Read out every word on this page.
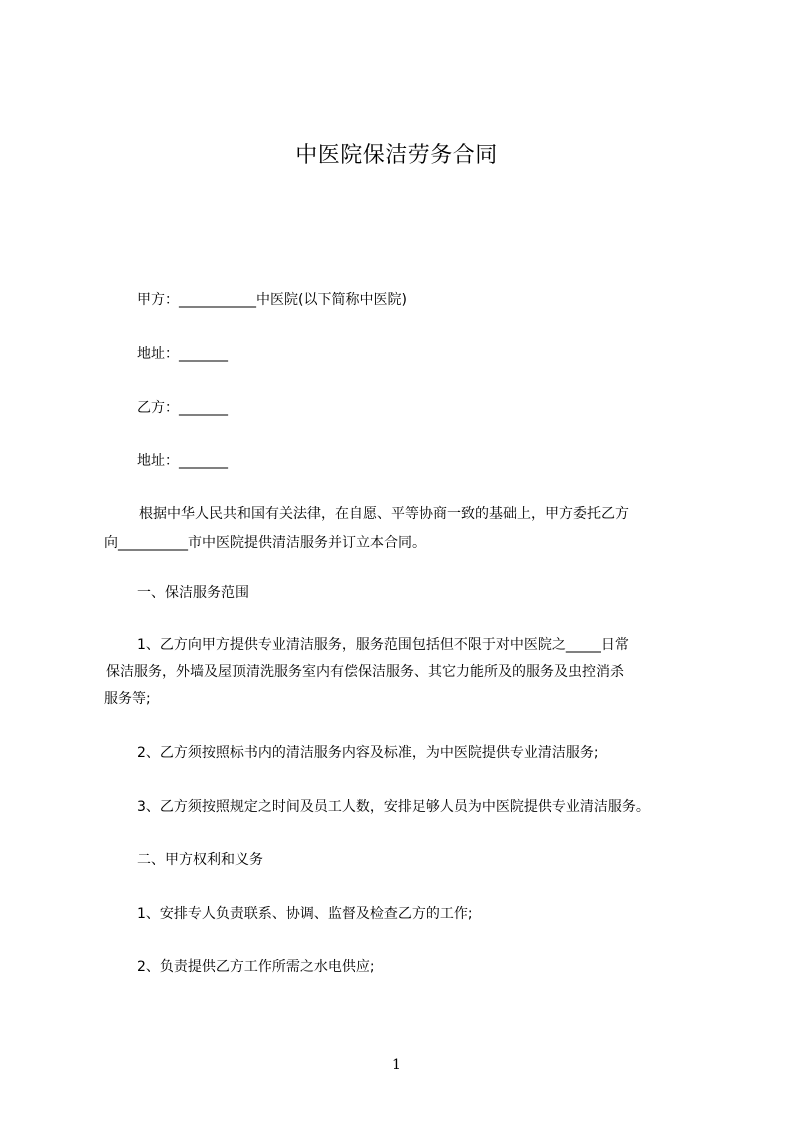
中医院保洁劳务合同
甲方：___________中医院(以下简称中医院)
地址：_______
乙方：_______
地址：_______
根据中华人民共和国有关法律，在自愿、平等协商一致的基础上，甲方委托乙方
向__________市中医院提供清洁服务并订立本合同。
一、保洁服务范围
1、乙方向甲方提供专业清洁服务，服务范围包括但不限于对中医院之_____日常
保洁服务，外墙及屋顶清洗服务室内有偿保洁服务、其它力能所及的服务及虫控消杀
服务等;
2、乙方须按照标书内的清洁服务内容及标准，为中医院提供专业清洁服务;
3、乙方须按照规定之时间及员工人数，安排足够人员为中医院提供专业清洁服务。
二、甲方权利和义务
1、安排专人负责联系、协调、监督及检查乙方的工作;
2、负责提供乙方工作所需之水电供应;
1
